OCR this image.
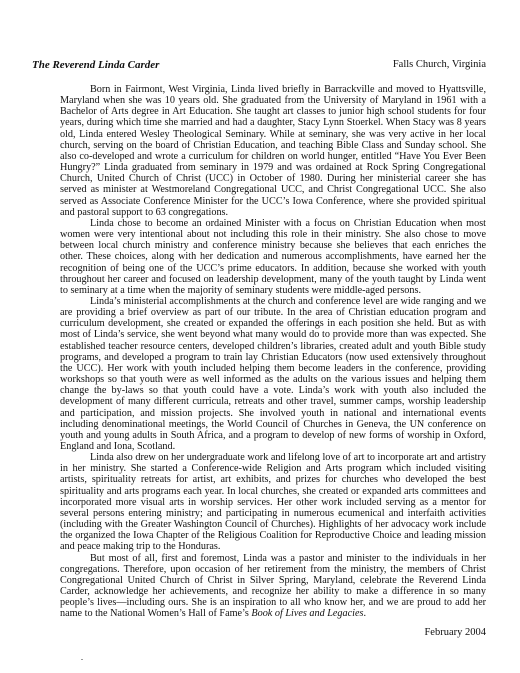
The Reverend Linda Carder	Falls Church, Virginia

Born in Fairmont, West Virginia, Linda lived briefly in Barrackville and moved to Hyattsville, Maryland when she was 10 years old. She graduated from the University of Maryland in 1961 with a Bachelor of Arts degree in Art Education. She taught art classes to junior high school students for four years, during which time she married and had a daughter, Stacy Lynn Stoerkel. When Stacy was 8 years old, Linda entered Wesley Theological Seminary. While at seminary, she was very active in her local church, serving on the board of Christian Education, and teaching Bible Class and Sunday school. She also co-developed and wrote a curriculum for children on world hunger, entitled “Have You Ever Been Hungry?” Linda graduated from seminary in 1979 and was ordained at Rock Spring Congregational Church, United Church of Christ (UCC) in October of 1980. During her ministerial career she has served as minister at Westmoreland Congregational UCC, and Christ Congregational UCC. She also served as Associate Conference Minister for the UCC’s Iowa Conference, where she provided spiritual and pastoral support to 63 congregations.

Linda chose to become an ordained Minister with a focus on Christian Education when most women were very intentional about not including this role in their ministry. She also chose to move between local church ministry and conference ministry because she believes that each enriches the other. These choices, along with her dedication and numerous accomplishments, have earned her the recognition of being one of the UCC’s prime educators. In addition, because she worked with youth throughout her career and focused on leadership development, many of the youth taught by Linda went to seminary at a time when the majority of seminary students were middle-aged persons.

Linda’s ministerial accomplishments at the church and conference level are wide ranging and we are providing a brief overview as part of our tribute. In the area of Christian education program and curriculum development, she created or expanded the offerings in each position she held. But as with most of Linda’s service, she went beyond what many would do to provide more than was expected. She established teacher resource centers, developed children’s libraries, created adult and youth Bible study programs, and developed a program to train lay Christian Educators (now used extensively throughout the UCC). Her work with youth included helping them become leaders in the conference, providing workshops so that youth were as well informed as the adults on the various issues and helping them change the by-laws so that youth could have a vote. Linda’s work with youth also included the development of many different curricula, retreats and other travel, summer camps, worship leadership and participation, and mission projects. She involved youth in national and international events including denominational meetings, the World Council of Churches in Geneva, the UN conference on youth and young adults in South Africa, and a program to develop of new forms of worship in Oxford, England and Iona, Scotland.

Linda also drew on her undergraduate work and lifelong love of art to incorporate art and artistry in her ministry. She started a Conference-wide Religion and Arts program which included visiting artists, spirituality retreats for artist, art exhibits, and prizes for churches who developed the best spirituality and arts programs each year. In local churches, she created or expanded arts committees and incorporated more visual arts in worship services. Her other work included serving as a mentor for several persons entering ministry; and participating in numerous ecumenical and interfaith activities (including with the Greater Washington Council of Churches). Highlights of her advocacy work include the organized the Iowa Chapter of the Religious Coalition for Reproductive Choice and leading mission and peace making trip to the Honduras.

But most of all, first and foremost, Linda was a pastor and minister to the individuals in her congregations. Therefore, upon occasion of her retirement from the ministry, the members of Christ Congregational United Church of Christ in Silver Spring, Maryland, celebrate the Reverend Linda Carder, acknowledge her achievements, and recognize her ability to make a difference in so many people’s lives—including ours. She is an inspiration to all who know her, and we are proud to add her name to the National Women’s Hall of Fame’s Book of Lives and Legacies.

February 2004
